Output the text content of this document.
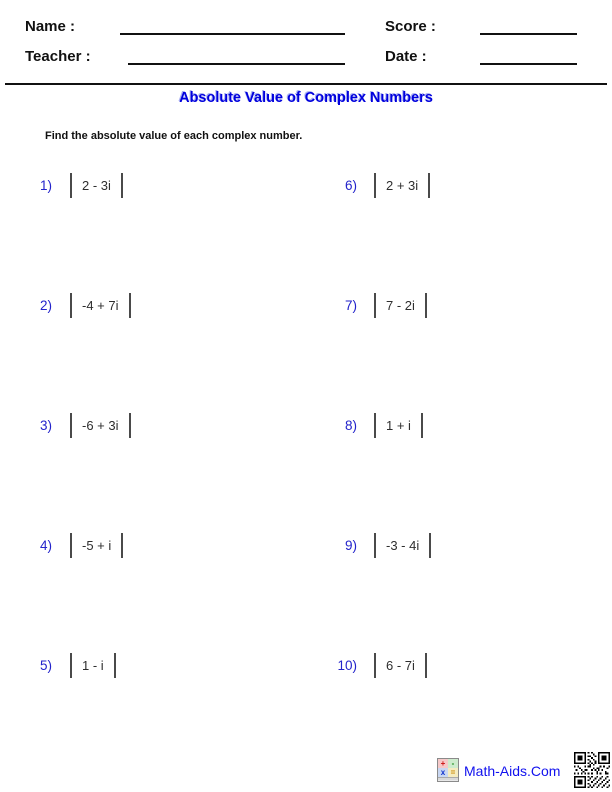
Name :
Teacher :
Score :
Date :
Absolute Value of Complex Numbers
Find the absolute value of each complex number.
1)	2 - 3i
2)	-4 + 7i
3)	-6 + 3i
4)	-5 + i
5)	1 - i
6)	2 + 3i
7)	7 - 2i
8)	1 + i
9)	-3 - 4i
10)	6 - 7i
+ -
x = Math-Aids.Com
